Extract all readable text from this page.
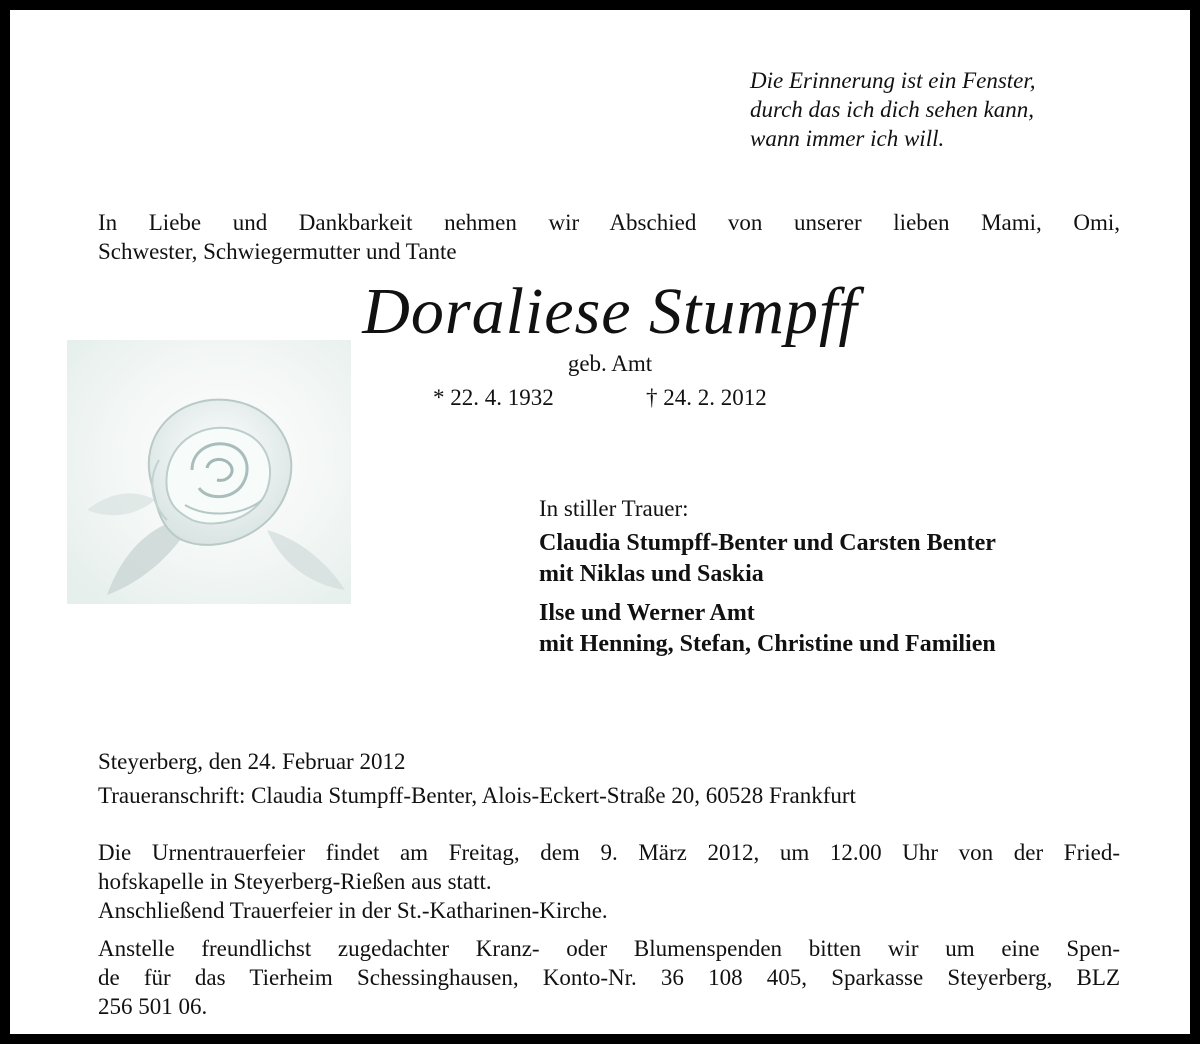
Die Erinnerung ist ein Fenster,
durch das ich dich sehen kann,
wann immer ich will.
In Liebe und Dankbarkeit nehmen wir Abschied von unserer lieben Mami, Omi,
Schwester, Schwiegermutter und Tante
Doraliese Stumpff
geb. Amt
* 22. 4. 1932	† 24. 2. 2012
In stiller Trauer:
Claudia Stumpff-Benter und Carsten Benter
mit Niklas und Saskia
Ilse und Werner Amt
mit Henning, Stefan, Christine und Familien
Steyerberg, den 24. Februar 2012
Traueranschrift: Claudia Stumpff-Benter, Alois-Eckert-Straße 20, 60528 Frankfurt
Die Urnentrauerfeier findet am Freitag, dem 9. März 2012, um 12.00 Uhr von der Fried-
hofskapelle in Steyerberg-Rießen aus statt.
Anschließend Trauerfeier in der St.-Katharinen-Kirche.
Anstelle freundlichst zugedachter Kranz- oder Blumenspenden bitten wir um eine Spen-
de für das Tierheim Schessinghausen, Konto-Nr. 36 108 405, Sparkasse Steyerberg, BLZ
256 501 06.
